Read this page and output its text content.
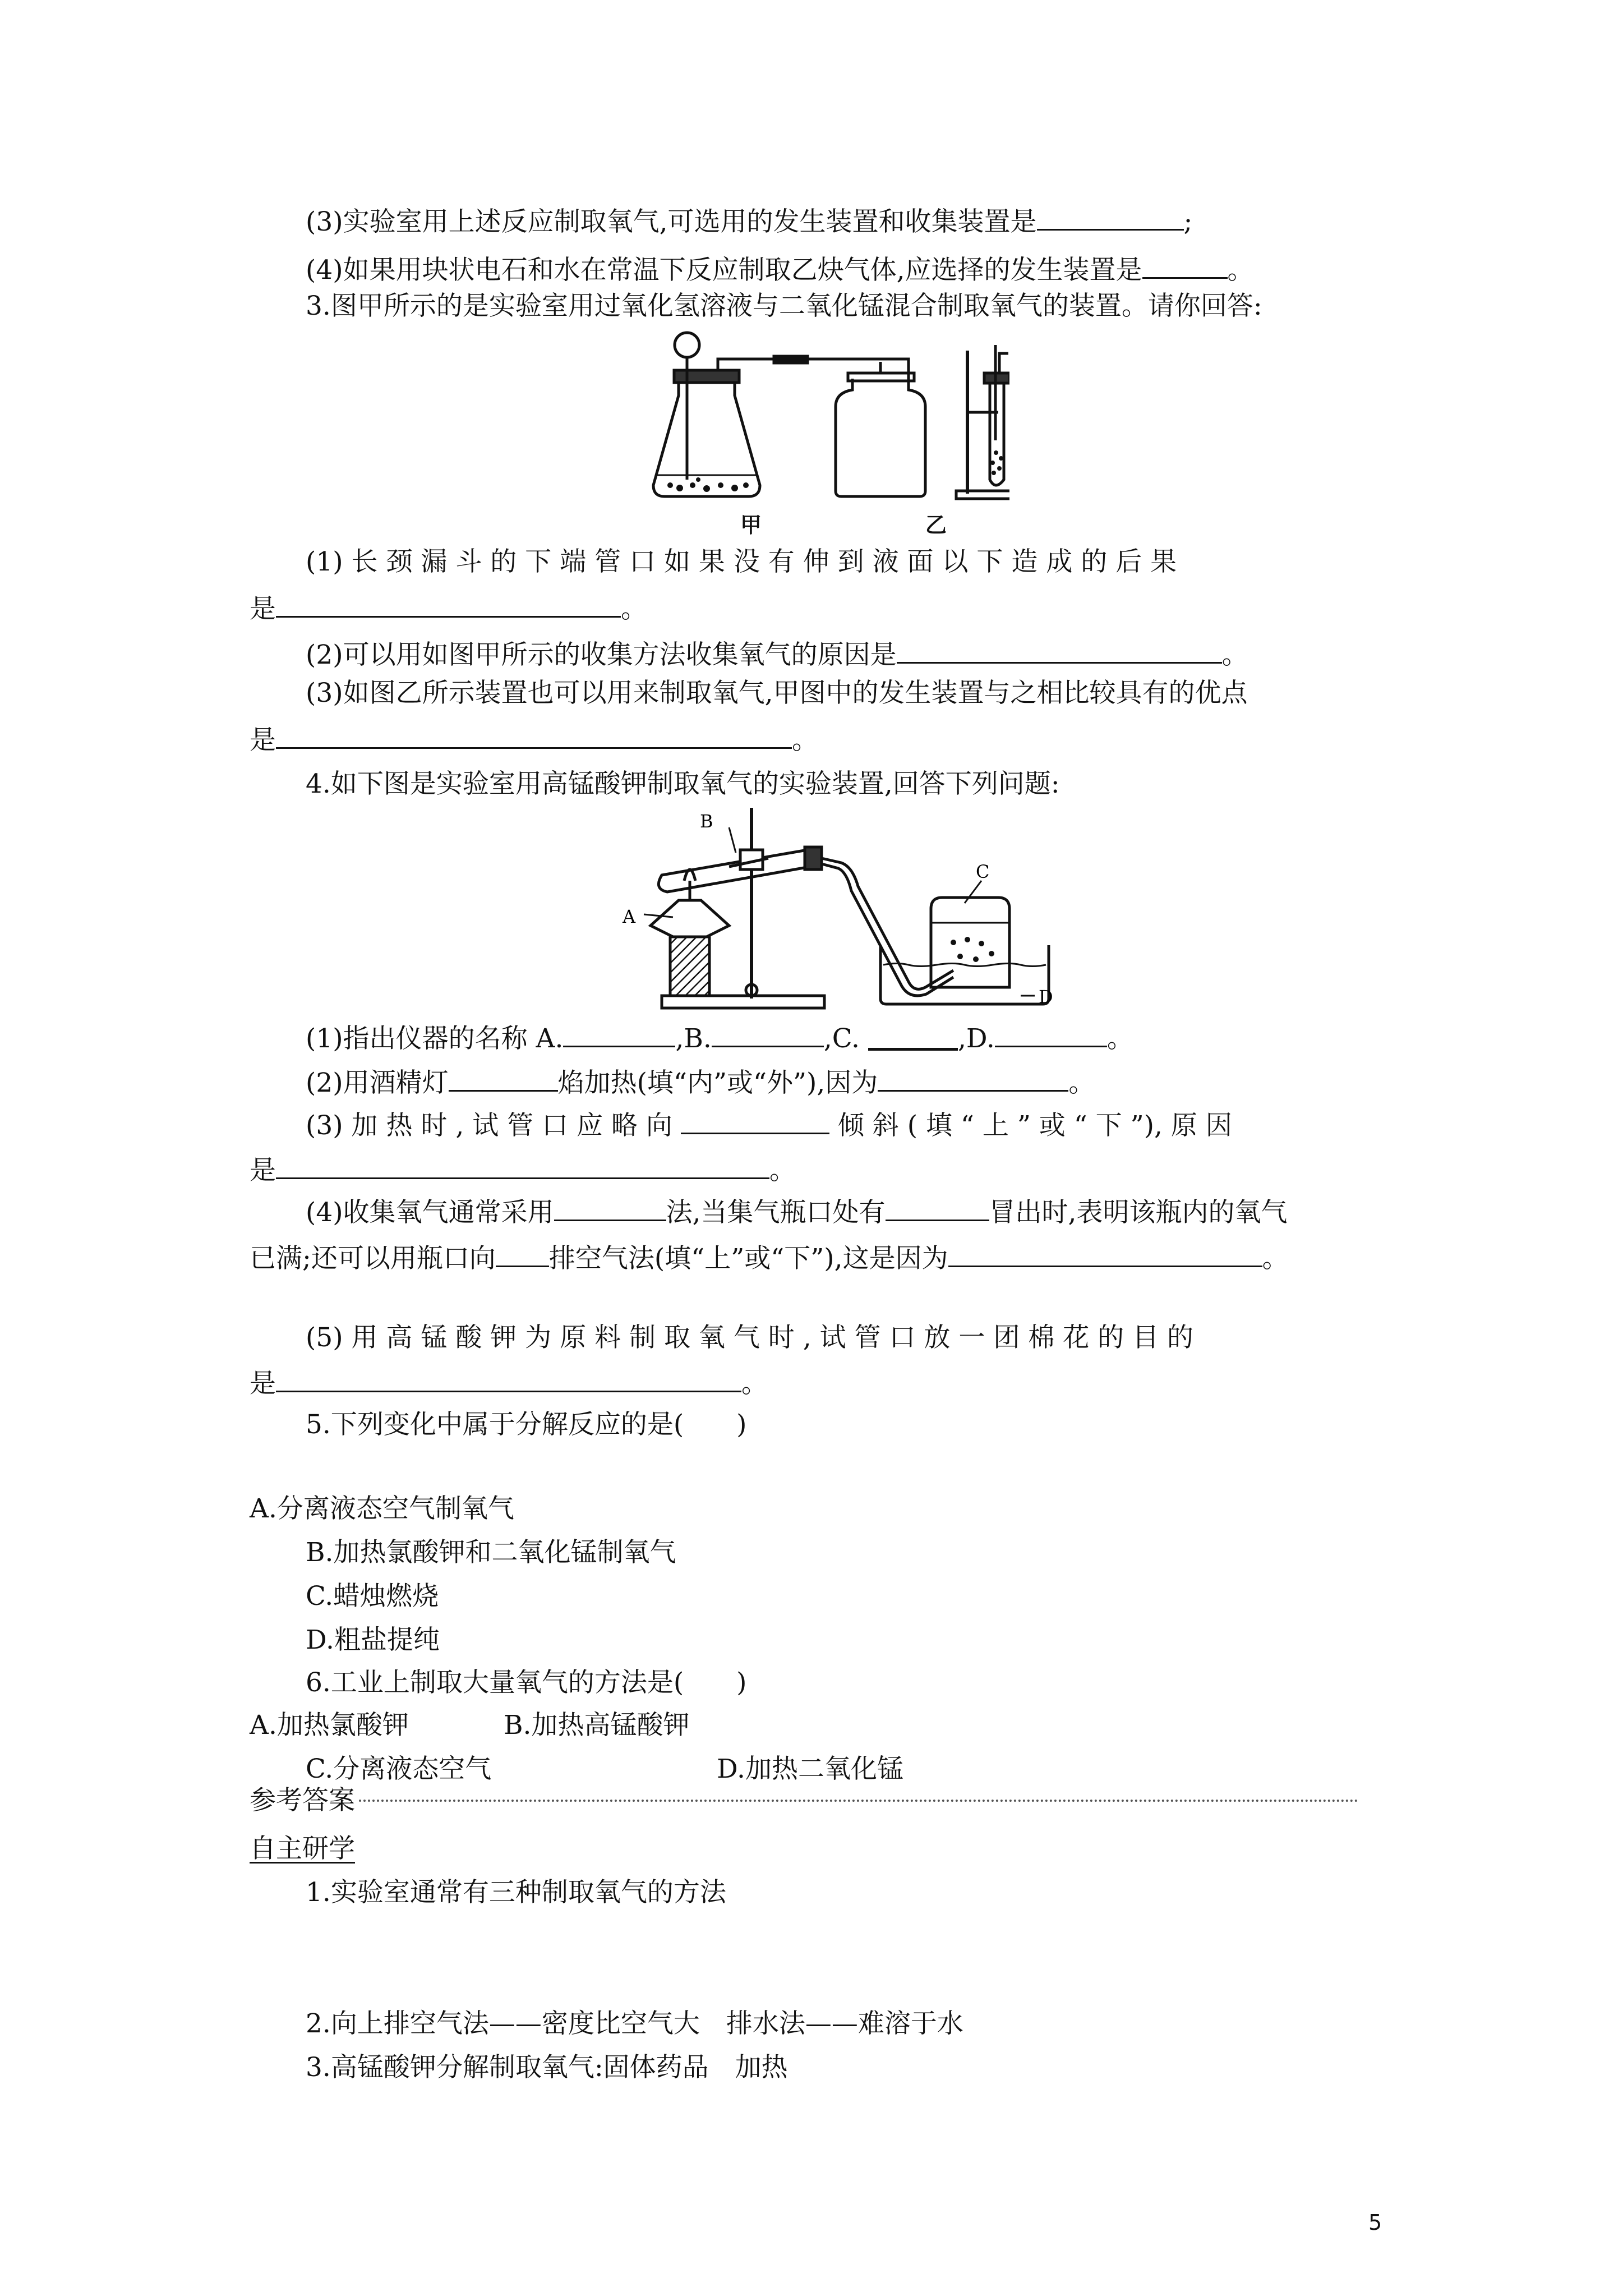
(3)实验室用上述反应制取氧气,可选用的发生装置和收集装置是	;
(4)如果用块状电石和水在常温下反应制取乙炔气体,应选择的发生装置是	。
3.图甲所示的是实验室用过氧化氢溶液与二氧化锰混合制取氧气的装置。请你回答:
甲	乙
(1) 长 颈 漏 斗 的 下 端 管 口 如 果 没 有 伸 到 液 面 以 下 造 成 的 后 果
是	。
(2)可以用如图甲所示的收集方法收集氧气的原因是	。
(3)如图乙所示装置也可以用来制取氧气,甲图中的发生装置与之相比较具有的优点
是	。
4.如下图是实验室用高锰酸钾制取氧气的实验装置,回答下列问题:
A
B
C
D
(1)指出仪器的名称 A.	,B.	,C.	,D.	。
(2)用酒精灯	焰加热(填“内”或“外”),因为	。
(3) 加 热 时 , 试 管 口 应 略 向	倾 斜 ( 填 “ 上 ” 或 “ 下 ”), 原 因
是	。
(4)收集氧气通常采用	法,当集气瓶口处有	冒出时,表明该瓶内的氧气
已满;还可以用瓶口向 排空气法(填“上”或“下”),这是因为	。
(5) 用 高 锰 酸 钾 为 原 料 制 取 氧 气 时 , 试 管 口 放 一 团 棉 花 的 目 的
是	。
5.下列变化中属于分解反应的是(　　)
A.分离液态空气制氧气
B.加热氯酸钾和二氧化锰制氧气
C.蜡烛燃烧
D.粗盐提纯
6.工业上制取大量氧气的方法是(　　)
A.加热氯酸钾	B.加热高锰酸钾
C.分离液态空气	D.加热二氧化锰
参考答案
自主研学
1.实验室通常有三种制取氧气的方法
2.向上排空气法——密度比空气大　排水法——难溶于水
3.高锰酸钾分解制取氧气:固体药品　加热
5
